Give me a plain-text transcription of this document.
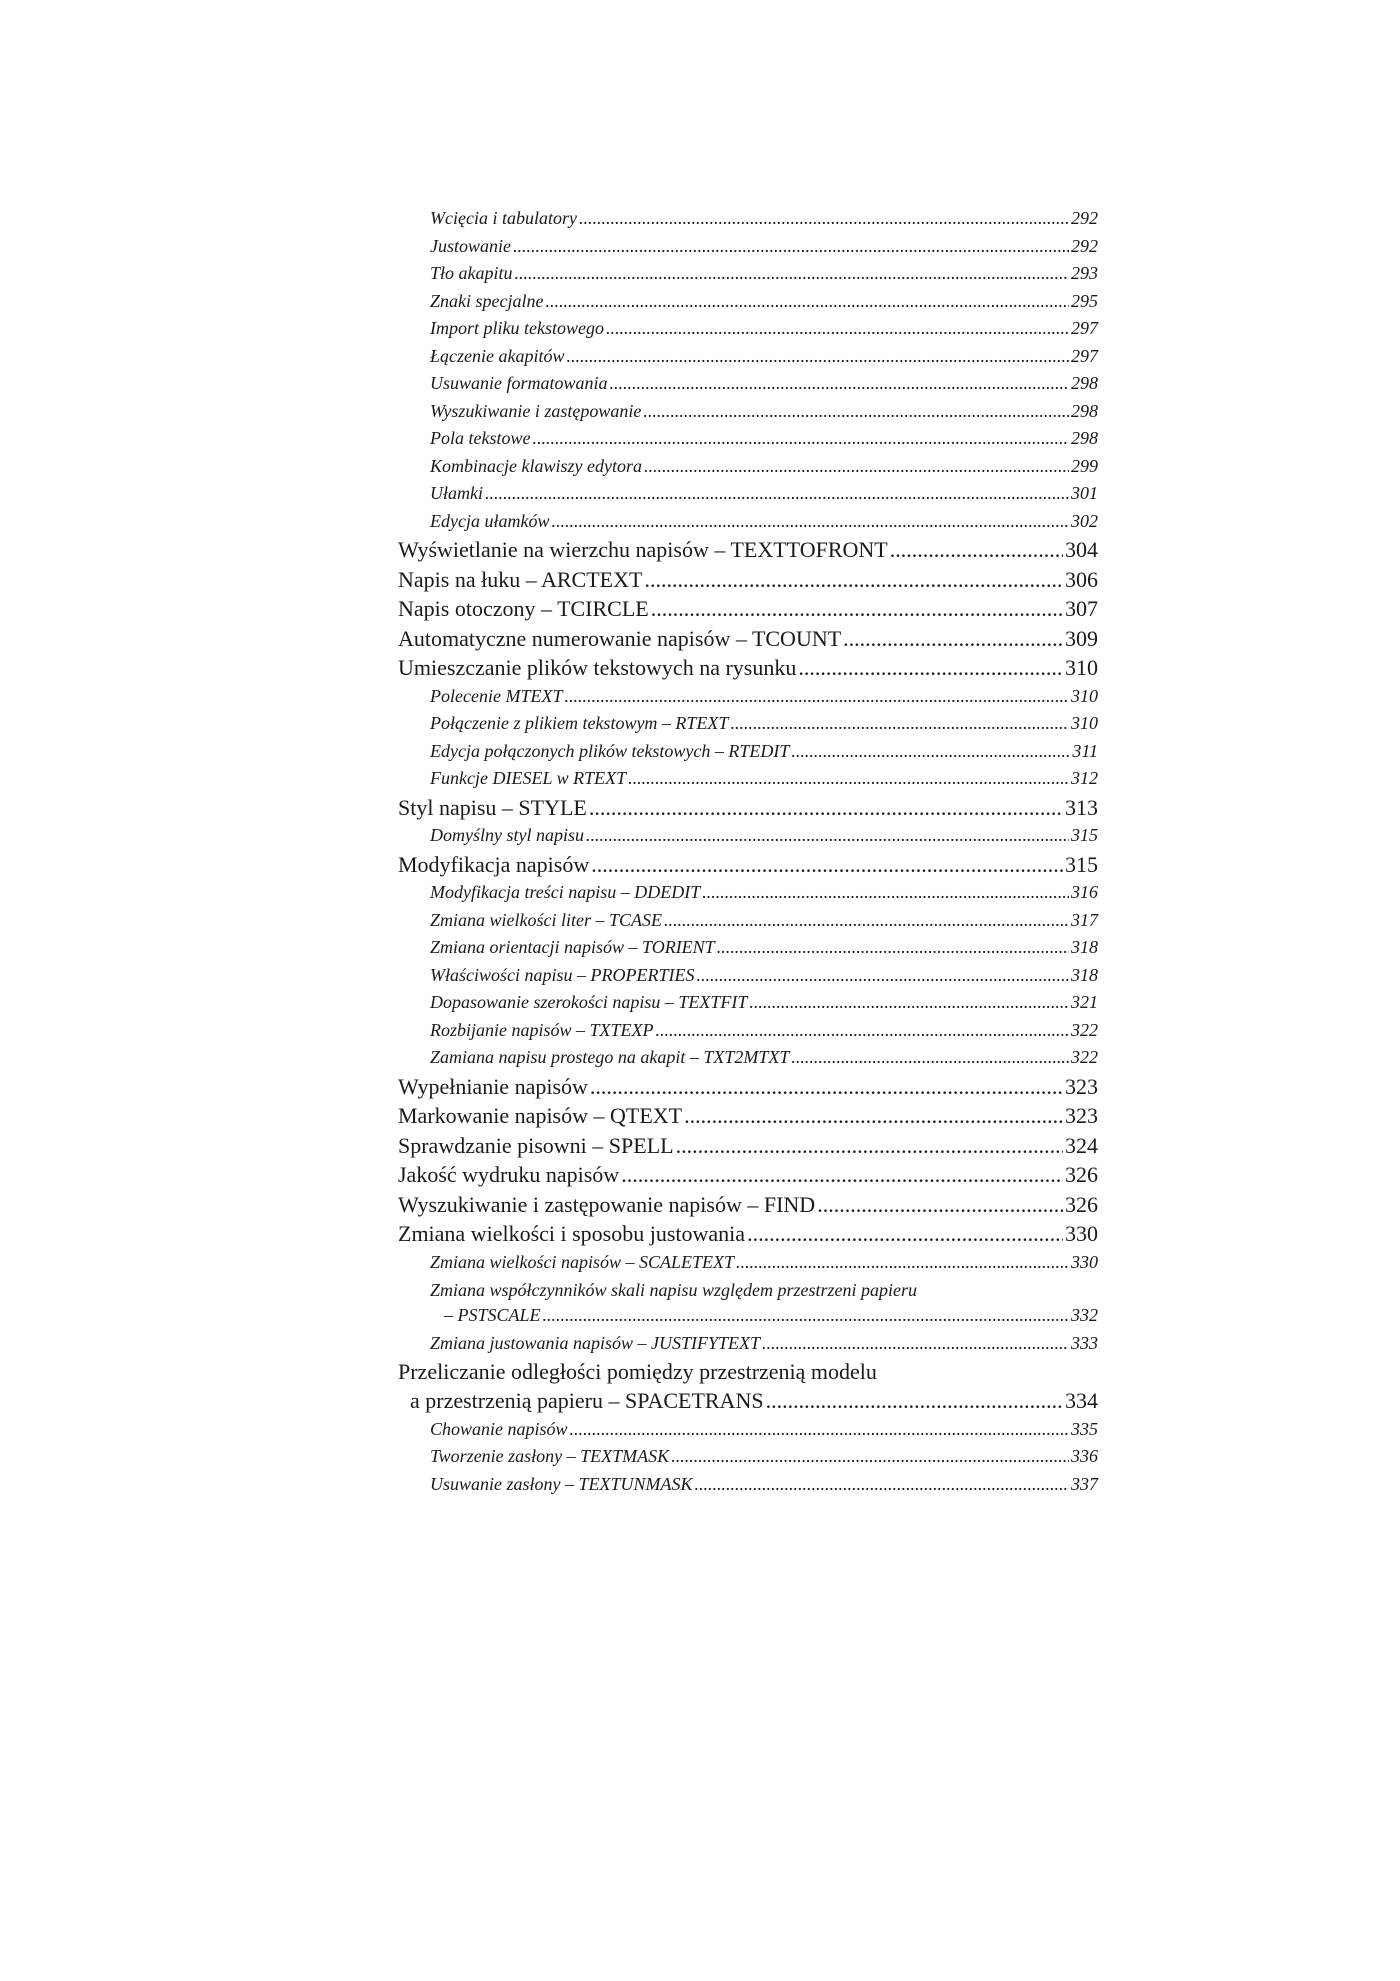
Wcięcia i tabulatory .....	292
Justowanie .....	292
Tło akapitu .....	293
Znaki specjalne .....	295
Import pliku tekstowego .....	297
Łączenie akapitów .....	297
Usuwanie formatowania .....	298
Wyszukiwanie i zastępowanie .....	298
Pola tekstowe .....	298
Kombinacje klawiszy edytora .....	299
Ułamki .....	301
Edycja ułamków .....	302
Wyświetlanie na wierzchu napisów – TEXTTOFRONT .....	304
Napis na łuku – ARCTEXT .....	306
Napis otoczony – TCIRCLE .....	307
Automatyczne numerowanie napisów – TCOUNT .....	309
Umieszczanie plików tekstowych na rysunku .....	310
Polecenie MTEXT .....	310
Połączenie z plikiem tekstowym – RTEXT .....	310
Edycja połączonych plików tekstowych – RTEDIT .....	311
Funkcje DIESEL w RTEXT .....	312
Styl napisu – STYLE .....	313
Domyślny styl napisu .....	315
Modyfikacja napisów .....	315
Modyfikacja treści napisu – DDEDIT .....	316
Zmiana wielkości liter – TCASE .....	317
Zmiana orientacji napisów – TORIENT .....	318
Właściwości napisu – PROPERTIES .....	318
Dopasowanie szerokości napisu – TEXTFIT .....	321
Rozbijanie napisów – TXTEXP .....	322
Zamiana napisu prostego na akapit – TXT2MTXT .....	322
Wypełnianie napisów .....	323
Markowanie napisów – QTEXT .....	323
Sprawdzanie pisowni – SPELL .....	324
Jakość wydruku napisów .....	326
Wyszukiwanie i zastępowanie napisów – FIND .....	326
Zmiana wielkości i sposobu justowania .....	330
Zmiana wielkości napisów – SCALETEXT .....	330
Zmiana współczynników skali napisu względem przestrzeni papieru
– PSTSCALE .....	332
Zmiana justowania napisów – JUSTIFYTEXT .....	333
Przeliczanie odległości pomiędzy przestrzenią modelu
a przestrzenią papieru – SPACETRANS .....	334
Chowanie napisów .....	335
Tworzenie zasłony – TEXTMASK .....	336
Usuwanie zasłony – TEXTUNMASK .....	337
